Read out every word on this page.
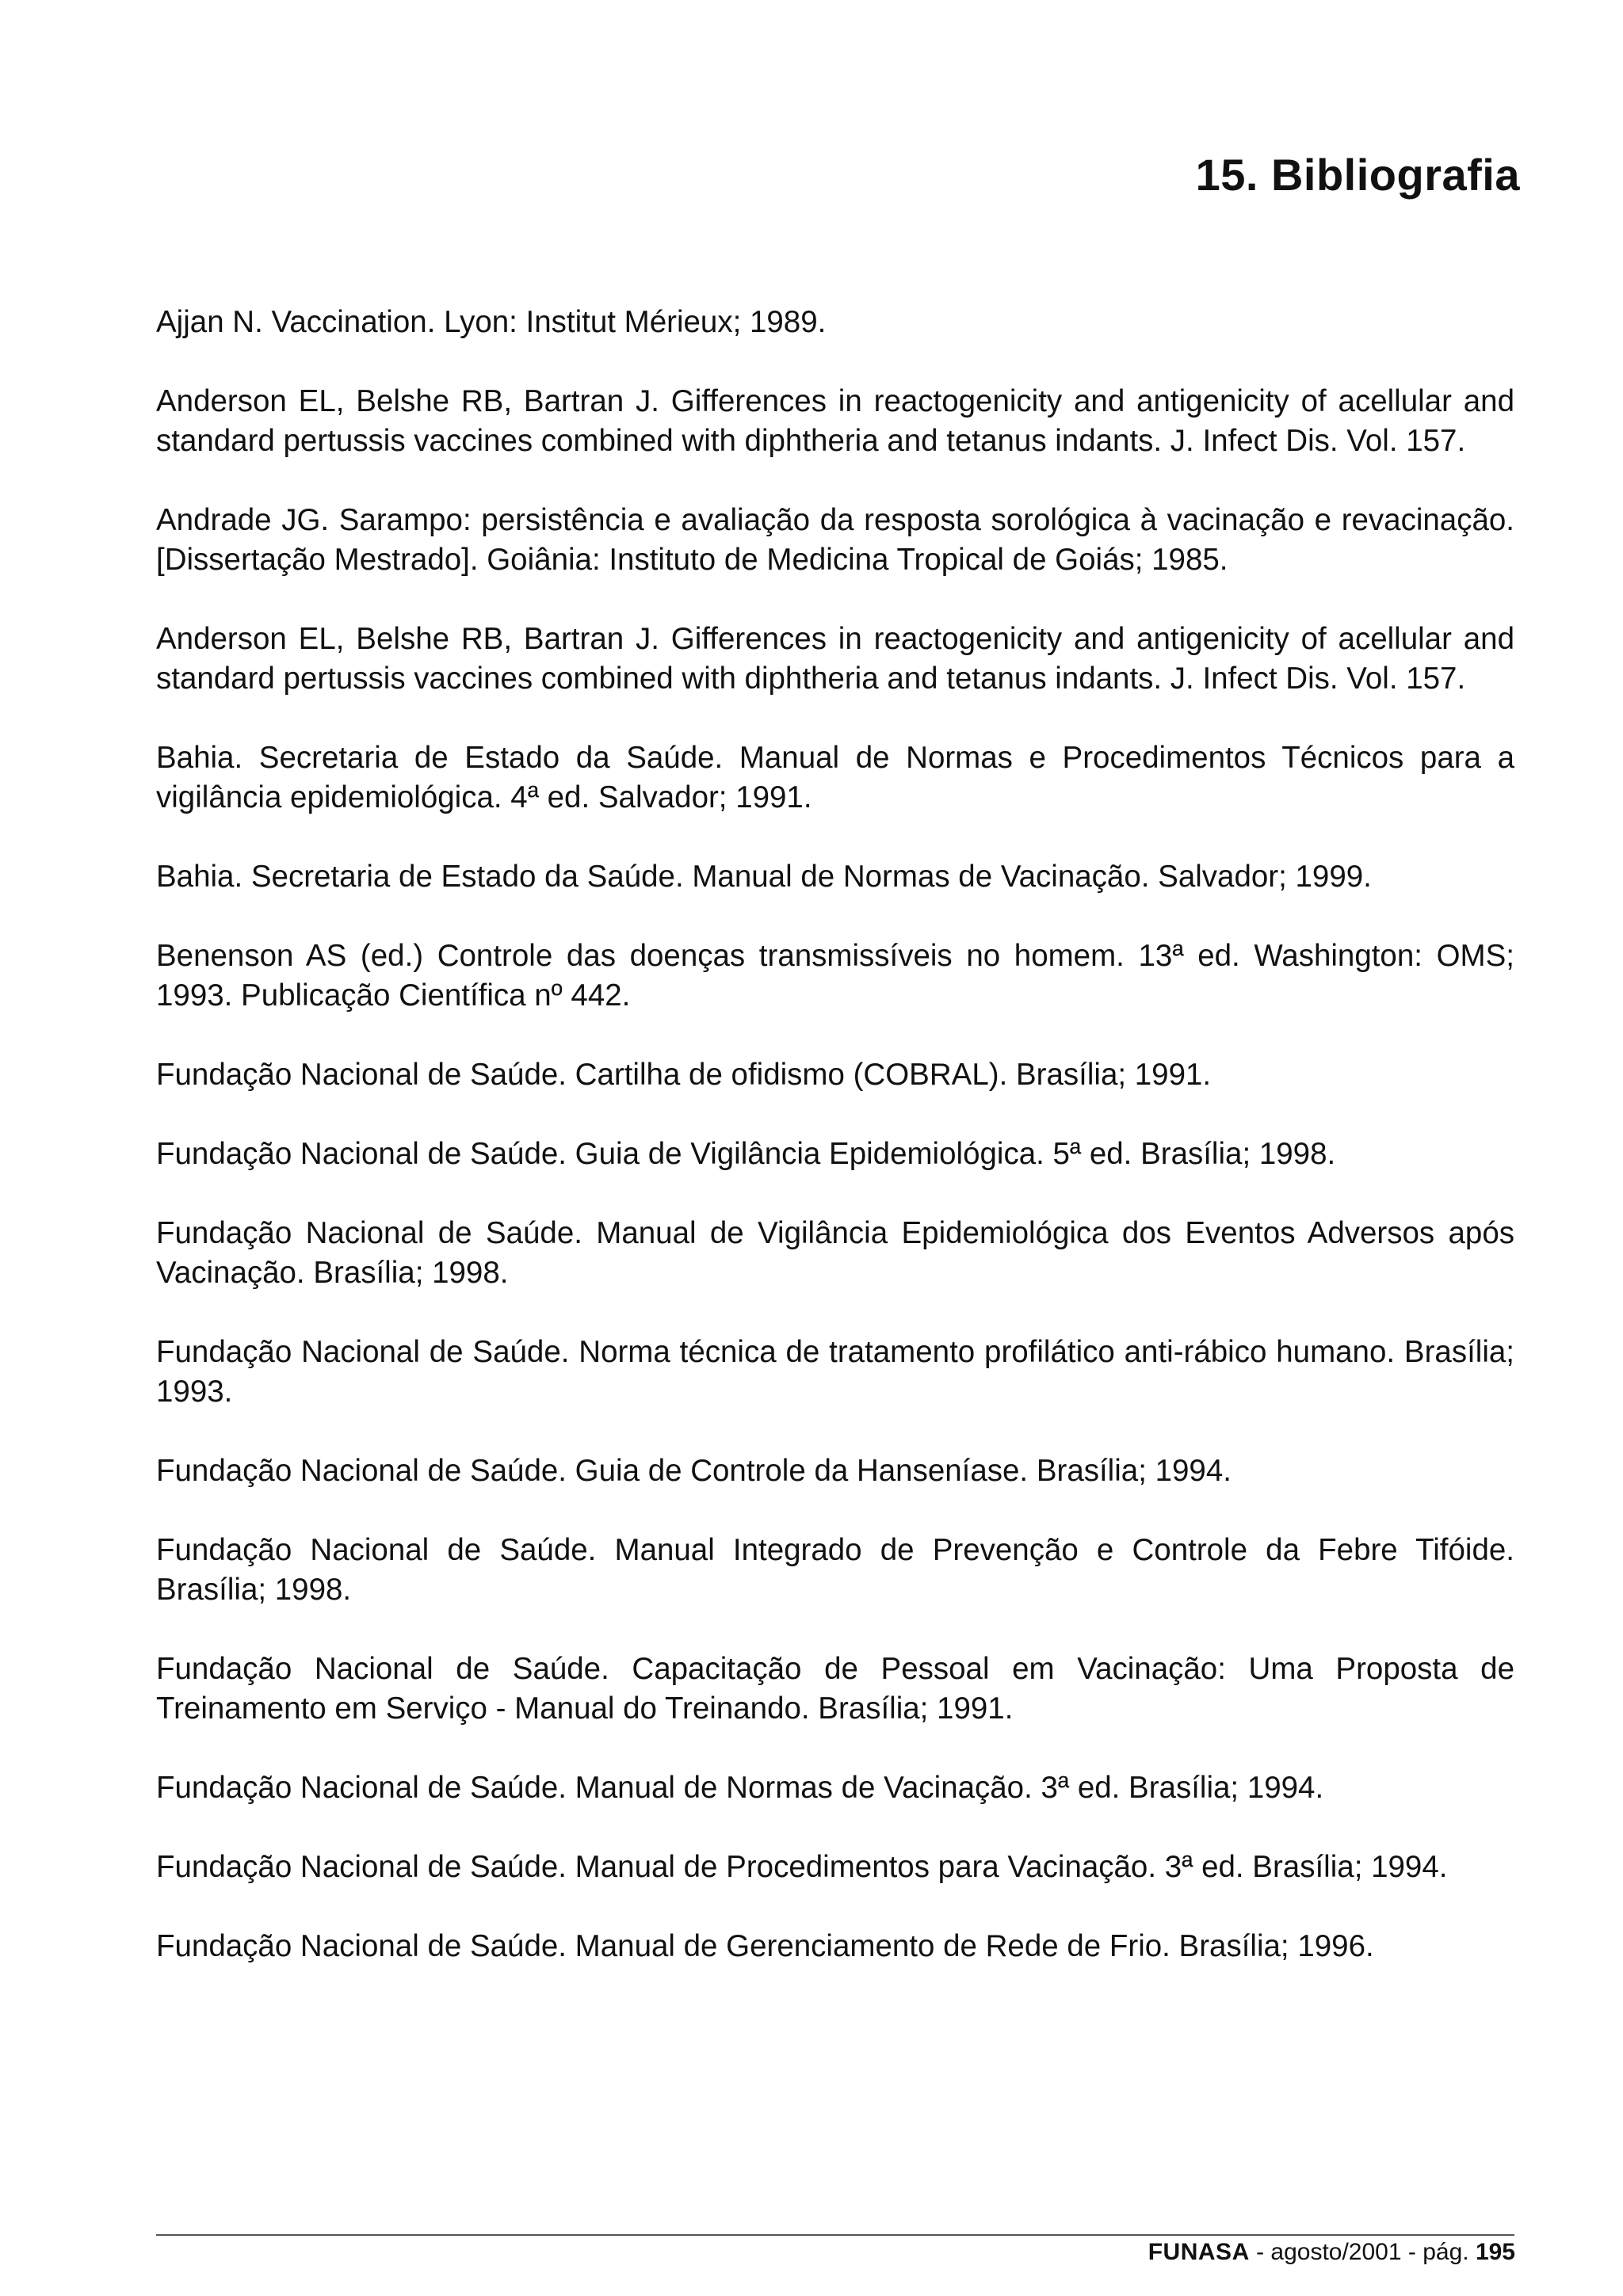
15. Bibliografia
Ajjan N. Vaccination. Lyon: Institut Mérieux; 1989.
Anderson EL, Belshe RB, Bartran J. Gifferences in reactogenicity and antigenicity of acellular and standard pertussis vaccines combined with diphtheria and tetanus indants. J. Infect Dis. Vol. 157.
Andrade JG. Sarampo: persistência e avaliação da resposta sorológica à vacinação e revacinação. [Dissertação Mestrado]. Goiânia: Instituto de Medicina Tropical de Goiás; 1985.
Anderson EL, Belshe RB, Bartran J. Gifferences in reactogenicity and antigenicity of acellular and standard pertussis vaccines combined with diphtheria and tetanus indants. J. Infect Dis. Vol. 157.
Bahia. Secretaria de Estado da Saúde. Manual de Normas e Procedimentos Técnicos para a vigilância epidemiológica. 4ª ed. Salvador; 1991.
Bahia. Secretaria de Estado da Saúde. Manual de Normas de Vacinação. Salvador; 1999.
Benenson AS (ed.) Controle das doenças transmissíveis no homem. 13ª ed. Washington: OMS; 1993. Publicação Científica nº 442.
Fundação Nacional de Saúde. Cartilha de ofidismo (COBRAL). Brasília; 1991.
Fundação Nacional de Saúde. Guia de Vigilância Epidemiológica. 5ª ed. Brasília; 1998.
Fundação Nacional de Saúde. Manual de Vigilância Epidemiológica dos Eventos Adversos após Vacinação. Brasília; 1998.
Fundação Nacional de Saúde. Norma técnica de tratamento profilático anti-rábico humano. Brasília; 1993.
Fundação Nacional de Saúde. Guia de Controle da Hanseníase. Brasília; 1994.
Fundação Nacional de Saúde. Manual Integrado de Prevenção e Controle da Febre Tifóide. Brasília; 1998.
Fundação Nacional de Saúde. Capacitação de Pessoal em Vacinação: Uma Proposta de Treinamento em Serviço - Manual do Treinando. Brasília; 1991.
Fundação Nacional de Saúde. Manual de Normas de Vacinação. 3ª ed. Brasília; 1994.
Fundação Nacional de Saúde. Manual de Procedimentos para Vacinação. 3ª ed. Brasília; 1994.
Fundação Nacional de Saúde. Manual de Gerenciamento de Rede de Frio. Brasília; 1996.
FUNASA - agosto/2001 - pág. 195
